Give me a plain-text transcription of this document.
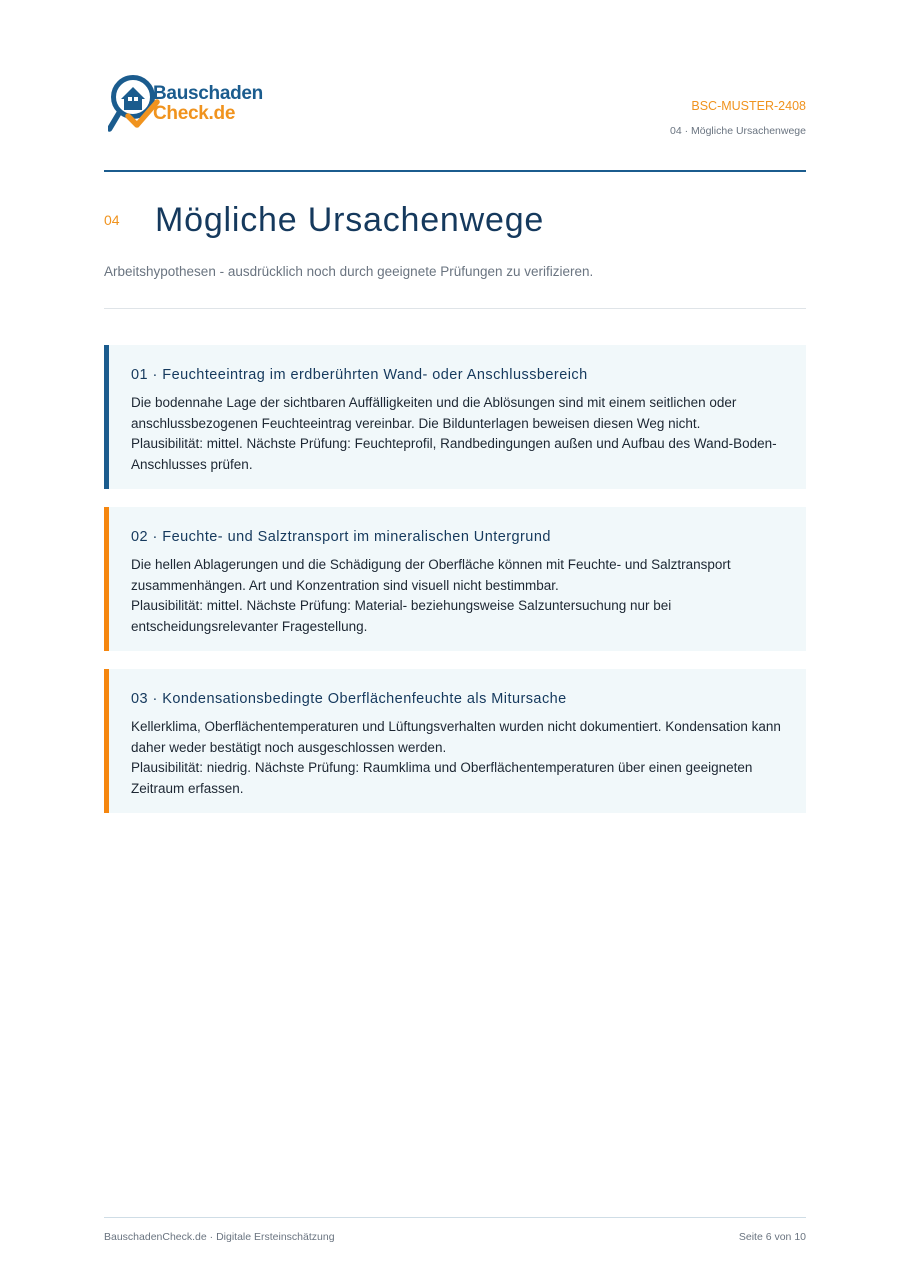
Bauschaden
Check.de	BSC-MUSTER-2408
04 · Mögliche Ursachenwege
04 Mögliche Ursachenwege
Arbeitshypothesen - ausdrücklich noch durch geeignete Prüfungen zu verifizieren.
01 · Feuchteeintrag im erdberührten Wand- oder Anschlussbereich

Die bodennahe Lage der sichtbaren Auffälligkeiten und die Ablösungen sind mit einem seitlichen oder anschlussbezogenen Feuchteeintrag vereinbar. Die Bildunterlagen beweisen diesen Weg nicht.

Plausibilität: mittel. Nächste Prüfung: Feuchteprofil, Randbedingungen außen und Aufbau des Wand-Boden-Anschlusses prüfen.

02 · Feuchte- und Salztransport im mineralischen Untergrund

Die hellen Ablagerungen und die Schädigung der Oberfläche können mit Feuchte- und Salztransport zusammenhängen. Art und Konzentration sind visuell nicht bestimmbar.

Plausibilität: mittel. Nächste Prüfung: Material- beziehungsweise Salzuntersuchung nur bei entscheidungsrelevanter Fragestellung.

03 · Kondensationsbedingte Oberflächenfeuchte als Mitursache

Kellerklima, Oberflächentemperaturen und Lüftungsverhalten wurden nicht dokumentiert. Kondensation kann daher weder bestätigt noch ausgeschlossen werden.

Plausibilität: niedrig. Nächste Prüfung: Raumklima und Oberflächentemperaturen über einen geeigneten Zeitraum erfassen.

BauschadenCheck.de · Digitale Ersteinschätzung	Seite 6 von 10
